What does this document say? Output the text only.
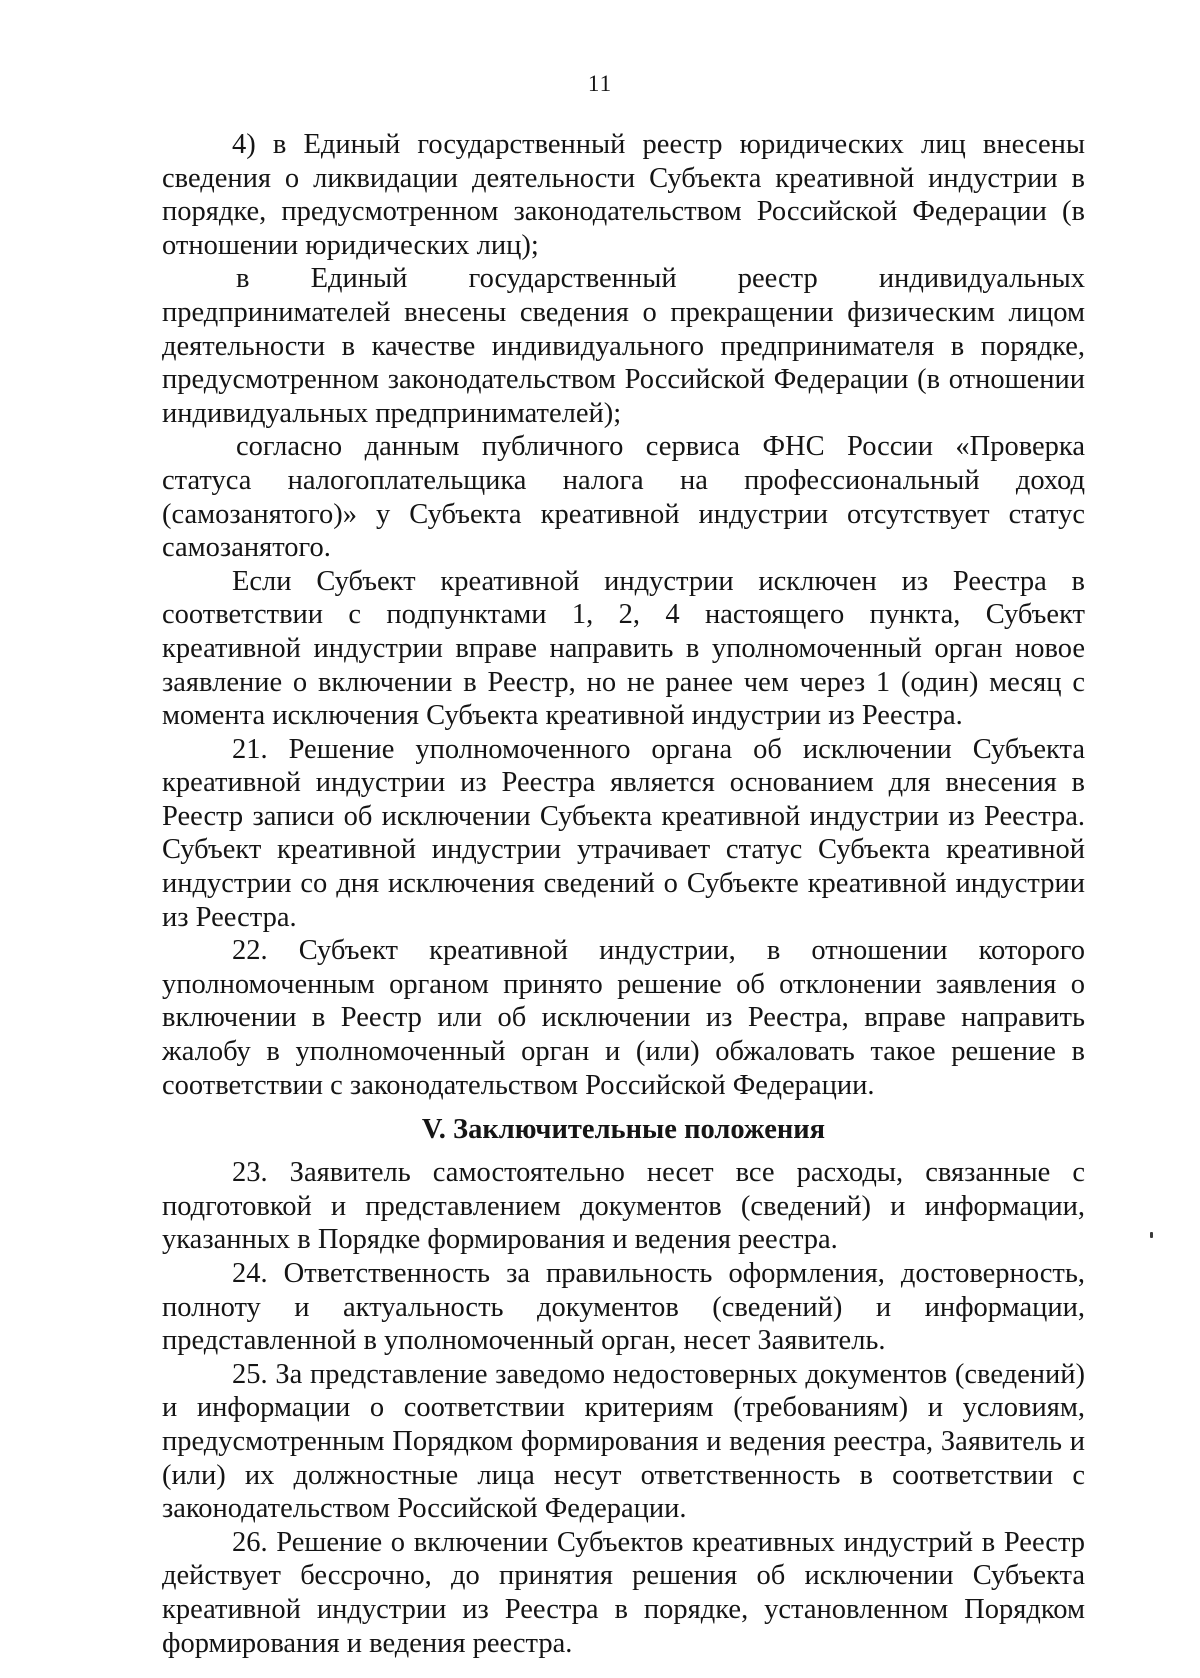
11

4) в Единый государственный реестр юридических лиц внесены сведения о ликвидации деятельности Субъекта креативной индустрии в порядке, предусмотренном законодательством Российской Федерации (в отношении юридических лиц);

в Единый государственный реестр индивидуальных предпринимателей внесены сведения о прекращении физическим лицом деятельности в качестве индивидуального предпринимателя в порядке, предусмотренном законодательством Российской Федерации (в отношении индивидуальных предпринимателей);

согласно данным публичного сервиса ФНС России «Проверка статуса налогоплательщика налога на профессиональный доход (самозанятого)» у Субъекта креативной индустрии отсутствует статус самозанятого.

Если Субъект креативной индустрии исключен из Реестра в соответствии с подпунктами 1, 2, 4 настоящего пункта, Субъект креативной индустрии вправе направить в уполномоченный орган новое заявление о включении в Реестр, но не ранее чем через 1 (один) месяц с момента исключения Субъекта креативной индустрии из Реестра.

21. Решение уполномоченного органа об исключении Субъекта креативной индустрии из Реестра является основанием для внесения в Реестр записи об исключении Субъекта креативной индустрии из Реестра. Субъект креативной индустрии утрачивает статус Субъекта креативной индустрии со дня исключения сведений о Субъекте креативной индустрии из Реестра.

22. Субъект креативной индустрии, в отношении которого уполномоченным органом принято решение об отклонении заявления о включении в Реестр или об исключении из Реестра, вправе направить жалобу в уполномоченный орган и (или) обжаловать такое решение в соответствии с законодательством Российской Федерации.

V. Заключительные положения

23. Заявитель самостоятельно несет все расходы, связанные с подготовкой и представлением документов (сведений) и информации, указанных в Порядке формирования и ведения реестра.

24. Ответственность за правильность оформления, достоверность, полноту и актуальность документов (сведений) и информации, представленной в уполномоченный орган, несет Заявитель.

25. За представление заведомо недостоверных документов (сведений) и информации о соответствии критериям (требованиям) и условиям, предусмотренным Порядком формирования и ведения реестра, Заявитель и (или) их должностные лица несут ответственность в соответствии с законодательством Российской Федерации.

26. Решение о включении Субъектов креативных индустрий в Реестр действует бессрочно, до принятия решения об исключении Субъекта креативной индустрии из Реестра в порядке, установленном Порядком формирования и ведения реестра.
